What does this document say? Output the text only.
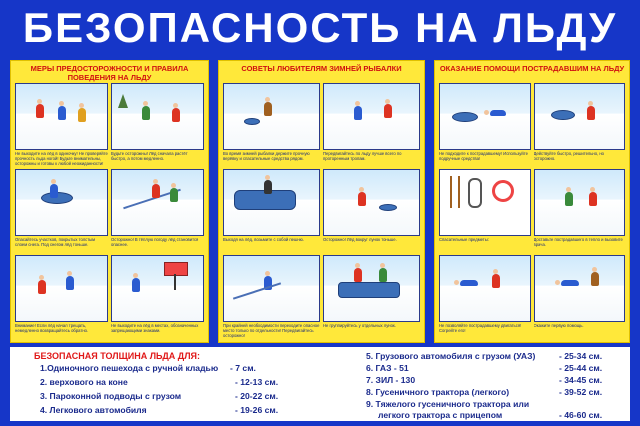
БЕЗОПАСНОСТЬ НА ЛЬДУ
МЕРЫ ПРЕДОСТОРОЖНОСТИ И ПРАВИЛА ПОВЕДЕНИЯ НА ЛЬДУ
Не выходите на лёд в одиночку! Не проверяйте прочность льда ногой! Будьте внимательны, осторожны и готовы к любой неожиданности!
Будьте осторожны! Лёд сначала растёт быстро, а потом медленно.
Опасайтесь участков, покрытых толстым слоем снега. Под снегом лёд тоньше.
Осторожно! В тёплую погоду лёд становится опаснее.
Внимание! Если лёд начал трещать, немедленно возвращайтесь обратно.
Не выходите на лёд в местах, обозначенных запрещающими знаками.
СОВЕТЫ ЛЮБИТЕЛЯМ ЗИМНЕЙ РЫБАЛКИ
Во время зимней рыбалки держите прочную верёвку и спасательные средства рядом.
Передвигайтесь по льду лучше всего по проторенным тропам.
Выходя на лёд, возьмите с собой пешню.	Осторожно! Лёд вокруг лунок тоньше.
При крайней необходимости переходите опасное место только по отдельности! Передвигайтесь осторожно!
Не группируйтесь у отдельных лунок.
ОКАЗАНИЕ ПОМОЩИ ПОСТРАДАВШИМ НА ЛЬДУ
Не подходите к пострадавшему! Используйте подручные средства!
Действуйте быстро, решительно, но осторожно.
Спасательные предметы:	Доставьте пострадавшего в тепло и вызовите врача.
Не позволяйте пострадавшему двигаться! Согрейте его!
Окажите первую помощь.
БЕЗОПАСНАЯ ТОЛЩИНА ЛЬДА ДЛЯ:
1.Одиночного пешехода с ручной кладью - 7 см.
2. верхового на коне	- 12-13 см.
3. Пароконной подводы с грузом	- 20-22 см.
4. Легкового автомобиля	- 19-26 см.
5. Грузового автомобиля с грузом (УАЗ)	- 25-34 см.
6. ГАЗ - 51	- 25-44 см.
7. ЗИЛ - 130	- 34-45 см.
8. Гусеничного трактора (легкого)	- 39-52 см.
9. Тяжелого гусеничного трактора или
легкого трактора с прицепом	- 46-60 см.
